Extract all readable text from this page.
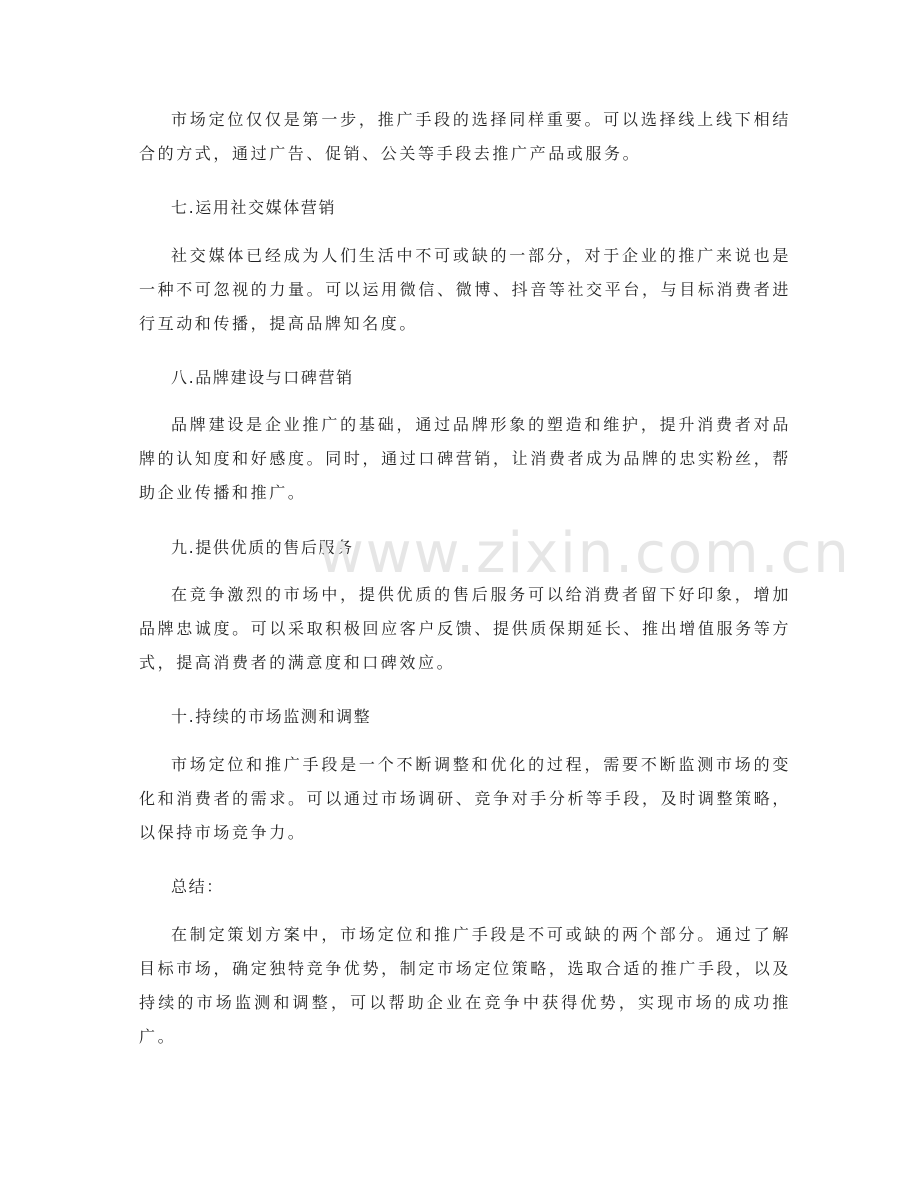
市场定位仅仅是第一步，推广手段的选择同样重要。可以选择线上线下相结合的方式，通过广告、促销、公关等手段去推广产品或服务。

七.运用社交媒体营销

社交媒体已经成为人们生活中不可或缺的一部分，对于企业的推广来说也是一种不可忽视的力量。可以运用微信、微博、抖音等社交平台，与目标消费者进行互动和传播，提高品牌知名度。

八.品牌建设与口碑营销

品牌建设是企业推广的基础，通过品牌形象的塑造和维护，提升消费者对品牌的认知度和好感度。同时，通过口碑营销，让消费者成为品牌的忠实粉丝，帮助企业传播和推广。

九.提供优质的售后服务

在竞争激烈的市场中，提供优质的售后服务可以给消费者留下好印象，增加品牌忠诚度。可以采取积极回应客户反馈、提供质保期延长、推出增值服务等方式，提高消费者的满意度和口碑效应。

十.持续的市场监测和调整

市场定位和推广手段是一个不断调整和优化的过程，需要不断监测市场的变化和消费者的需求。可以通过市场调研、竞争对手分析等手段，及时调整策略，以保持市场竞争力。

总结：

在制定策划方案中，市场定位和推广手段是不可或缺的两个部分。通过了解目标市场，确定独特竞争优势，制定市场定位策略，选取合适的推广手段，以及持续的市场监测和调整，可以帮助企业在竞争中获得优势，实现市场的成功推广。

www.zixin.com.cn
